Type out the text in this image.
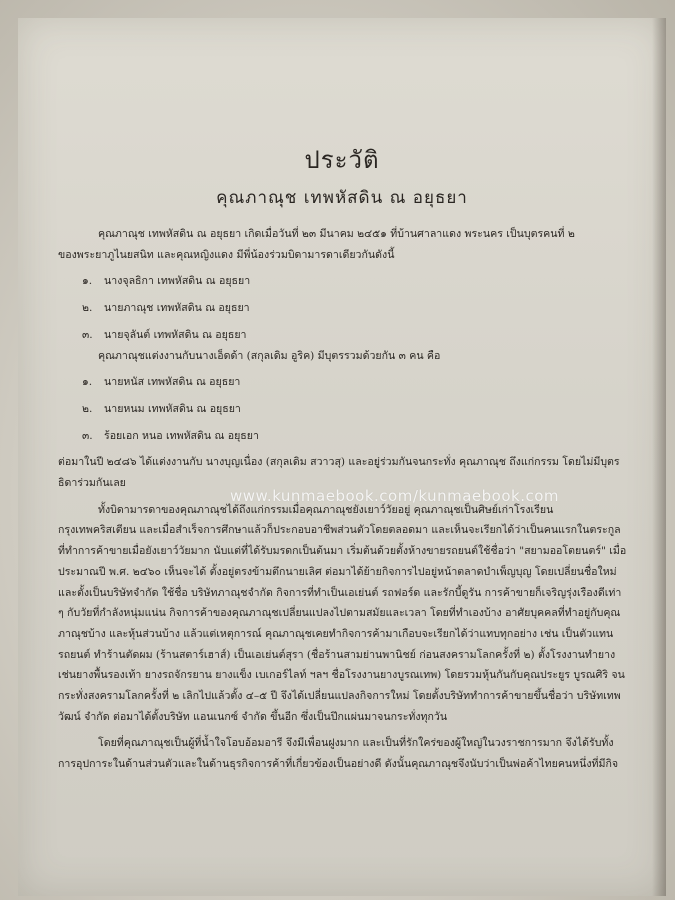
ประวัติ
คุณภาณุช เทพหัสดิน ณ อยุธยา

คุณภาณุช เทพหัสดิน ณ อยุธยา เกิดเมื่อวันที่ ๒๓ มีนาคม ๒๔๕๑ ที่บ้านศาลาแดง พระนคร เป็นบุตรคนที่ ๒

ของพระยาภูไนยสนิท และคุณหญิงแดง มีพี่น้องร่วมบิดามารดาเดียวกันดังนี้

๑. นางจุลธิกา เทพหัสดิน ณ อยุธยา

๒. นายภาณุช เทพหัสดิน ณ อยุธยา

๓. นายจุลันต์ เทพหัสดิน ณ อยุธยา

คุณภาณุชแต่งงานกับนางเอ็ดด้า (สกุลเดิม อูริค) มีบุตรรวมด้วยกัน ๓ คน คือ

๑. นายหนัส เทพหัสดิน ณ อยุธยา

๒. นายหนม เทพหัสดิน ณ อยุธยา

๓. ร้อยเอก หนอ เทพหัสดิน ณ อยุธยา

ต่อมาในปี ๒๔๘๖ ได้แต่งงานกับ นางบุญเนื่อง (สกุลเดิม สวาวสุ) และอยู่ร่วมกันจนกระทั่ง คุณภาณุช ถึงแก่กรรม โดยไม่มีบุตรธิดาร่วมกันเลย

ทั้งบิดามารดาของคุณภาณุชได้ถึงแก่กรรมเมื่อคุณภาณุชยังเยาว์วัยอยู่ คุณภาณุชเป็นศิษย์เก่าโรงเรียนกรุงเทพคริสเตียน และเมื่อสำเร็จการศึกษาแล้วก็ประกอบอาชีพส่วนตัวโดยตลอดมา และเห็นจะเรียกได้ว่าเป็นคนแรกในตระกูลที่ทำการค้าขายเมื่อยังเยาว์วัยมาก นับแต่ที่ได้รับมรดกเป็นต้นมา เริ่มต้นด้วยตั้งห้างขายรถยนต์ใช้ชื่อว่า "สยามออโตยนตร์" เมื่อประมาณปี พ.ศ. ๒๔๖๐ เห็นจะได้ ตั้งอยู่ตรงข้ามตึกนายเลิศ ต่อมาได้ย้ายกิจการไปอยู่หน้าตลาดบำเพ็ญบุญ โดยเปลี่ยนชื่อใหม่และตั้งเป็นบริษัทจำกัด ใช้ชื่อ บริษัทภาณุชจำกัด กิจการที่ทำเป็นเอเย่นต์ รถฟอร์ด และรักบี้ดูรัน การค้าขายก็เจริญรุ่งเรืองดีเท่า ๆ กับวัยที่กำลังหนุ่มแน่น กิจการค้าของคุณภาณุชเปลี่ยนแปลงไปตามสมัยและเวลา โดยที่ทำเองบ้าง อาศัยบุคคลที่ทำอยู่กับคุณภาณุชบ้าง และหุ้นส่วนบ้าง แล้วแต่เหตุการณ์ คุณภาณุชเคยทำกิจการค้ามาเกือบจะเรียกได้ว่าแทบทุกอย่าง เช่น เป็นตัวแทนรถยนต์ ทำร้านตัดผม (ร้านสตาร์เฮาส์) เป็นเอเย่นต์สุรา (ชื่อร้านสามย่านพานิชย์ ก่อนสงครามโลกครั้งที่ ๒) ตั้งโรงงานทำยาง เช่นยางพื้นรองเท้า ยางรถจักรยาน ยางแข็ง เบเกอร์ไลท์ ฯลฯ ชื่อโรงงานยางบูรณเทพ) โดยรวมหุ้นกันกับคุณประยูร บูรณศิริ จนกระทั่งสงครามโลกครั้งที่ ๒ เลิกไปแล้วตั้ง ๔–๕ ปี จึงได้เปลี่ยนแปลงกิจการใหม่ โดยตั้งบริษัททำการค้าขายขึ้นชื่อว่า บริษัทเทพวัฒน์ จำกัด ต่อมาได้ตั้งบริษัท แอนเนกซ์ จำกัด ขึ้นอีก ซึ่งเป็นปึกแผ่นมาจนกระทั่งทุกวัน

โดยที่คุณภาณุชเป็นผู้ที่น้ำใจโอบอ้อมอารี จึงมีเพื่อนฝูงมาก และเป็นที่รักใคร่ของผู้ใหญ่ในวงราชการมาก จึงได้รับทั้งการอุปการะในด้านส่วนตัวและในด้านธุรกิจการค้าที่เกี่ยวข้องเป็นอย่างดี ดังนั้นคุณภาณุชจึงนับว่าเป็นพ่อค้าไทยคนหนึ่งที่มีกิจ

www.kunmaebook.com/kunmaebook.com
